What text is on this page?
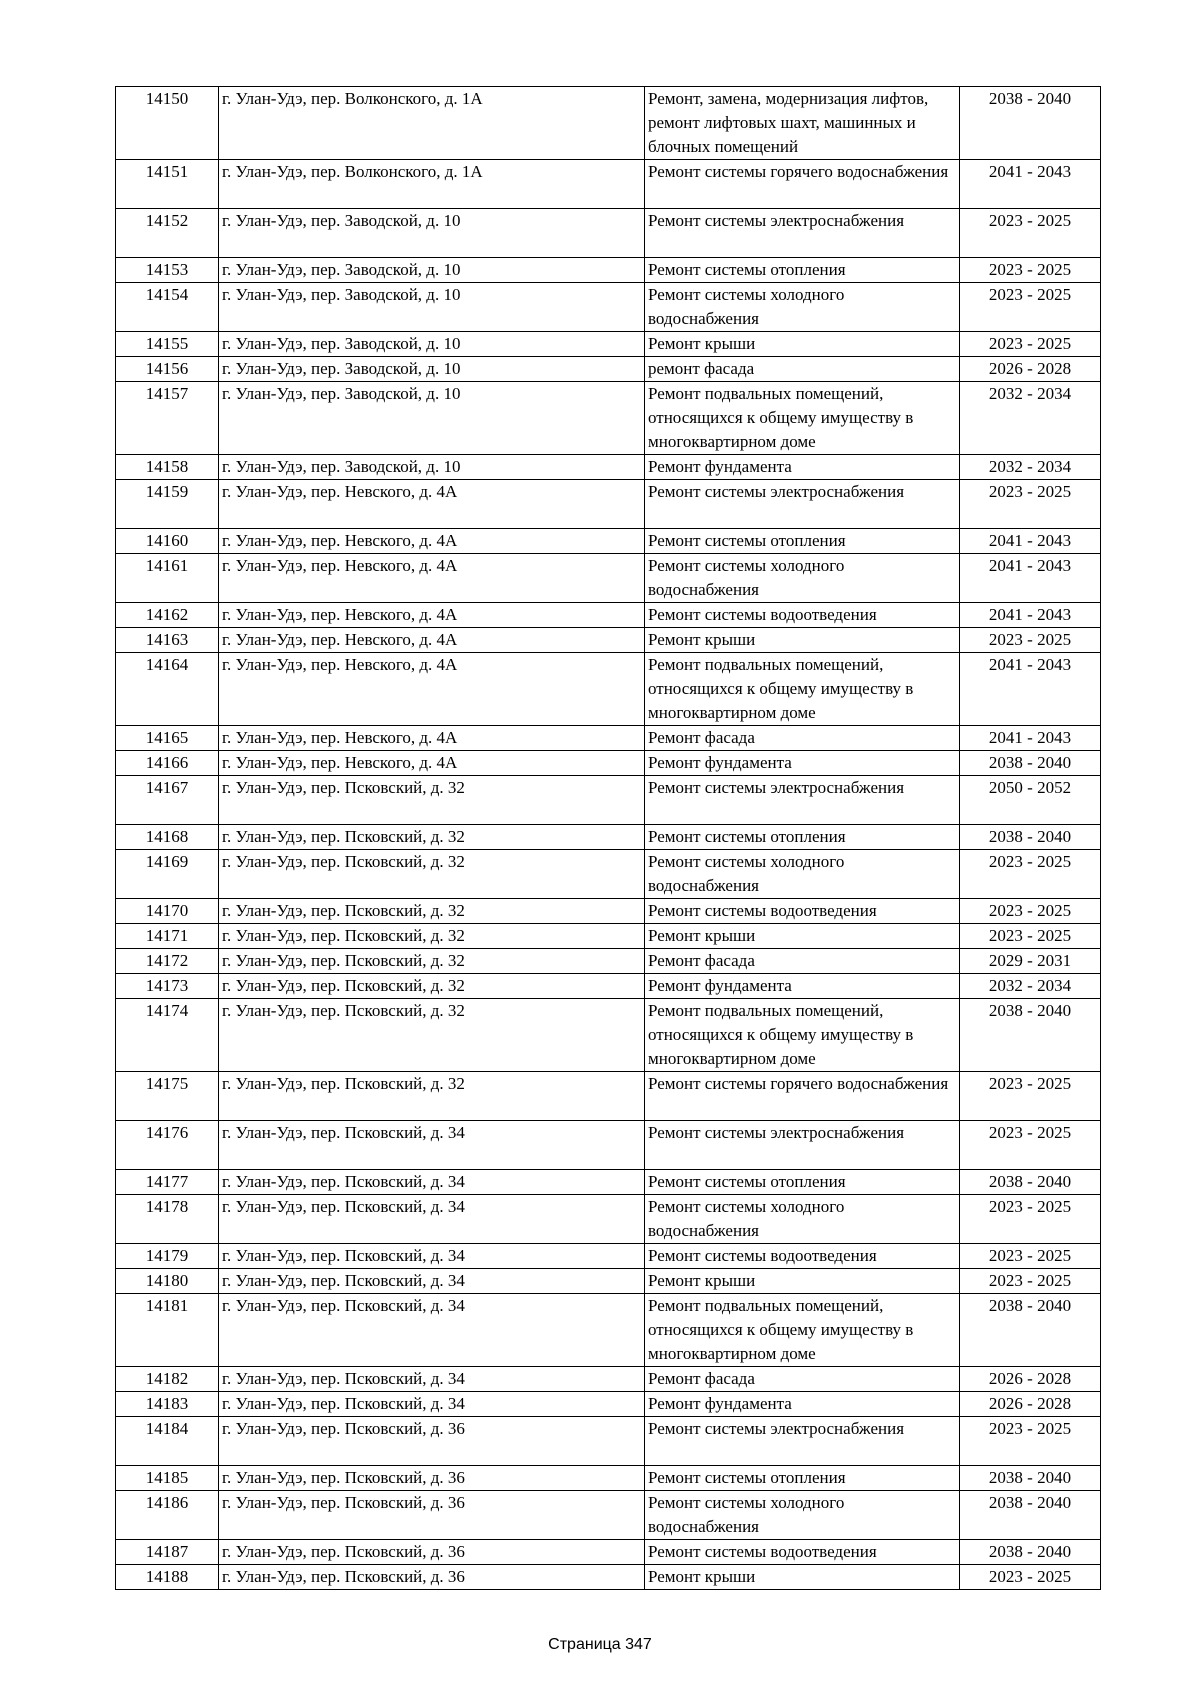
14150	г. Улан-Удэ, пер. Волконского, д. 1А	Ремонт, замена, модернизация лифтов, ремонт лифтовых шахт, машинных и блочных помещений	2038 - 2040
14151	г. Улан-Удэ, пер. Волконского, д. 1А	Ремонт системы горячего водоснабжения	2041 - 2043
14152	г. Улан-Удэ, пер. Заводской, д. 10	Ремонт системы электроснабжения	2023 - 2025
14153	г. Улан-Удэ, пер. Заводской, д. 10	Ремонт системы отопления	2023 - 2025
14154	г. Улан-Удэ, пер. Заводской, д. 10	Ремонт системы холодного водоснабжения	2023 - 2025
14155	г. Улан-Удэ, пер. Заводской, д. 10	Ремонт крыши	2023 - 2025
14156	г. Улан-Удэ, пер. Заводской, д. 10	ремонт фасада	2026 - 2028
14157	г. Улан-Удэ, пер. Заводской, д. 10	Ремонт подвальных помещений, относящихся к общему имуществу в многоквартирном доме	2032 - 2034
14158	г. Улан-Удэ, пер. Заводской, д. 10	Ремонт фундамента	2032 - 2034
14159	г. Улан-Удэ, пер. Невского, д. 4А	Ремонт системы электроснабжения	2023 - 2025
14160	г. Улан-Удэ, пер. Невского, д. 4А	Ремонт системы отопления	2041 - 2043
14161	г. Улан-Удэ, пер. Невского, д. 4А	Ремонт системы холодного водоснабжения	2041 - 2043
14162	г. Улан-Удэ, пер. Невского, д. 4А	Ремонт системы водоотведения	2041 - 2043
14163	г. Улан-Удэ, пер. Невского, д. 4А	Ремонт крыши	2023 - 2025
14164	г. Улан-Удэ, пер. Невского, д. 4А	Ремонт подвальных помещений, относящихся к общему имуществу в многоквартирном доме	2041 - 2043
14165	г. Улан-Удэ, пер. Невского, д. 4А	Ремонт фасада	2041 - 2043
14166	г. Улан-Удэ, пер. Невского, д. 4А	Ремонт фундамента	2038 - 2040
14167	г. Улан-Удэ, пер. Псковский, д. 32	Ремонт системы электроснабжения	2050 - 2052
14168	г. Улан-Удэ, пер. Псковский, д. 32	Ремонт системы отопления	2038 - 2040
14169	г. Улан-Удэ, пер. Псковский, д. 32	Ремонт системы холодного водоснабжения	2023 - 2025
14170	г. Улан-Удэ, пер. Псковский, д. 32	Ремонт системы водоотведения	2023 - 2025
14171	г. Улан-Удэ, пер. Псковский, д. 32	Ремонт крыши	2023 - 2025
14172	г. Улан-Удэ, пер. Псковский, д. 32	Ремонт фасада	2029 - 2031
14173	г. Улан-Удэ, пер. Псковский, д. 32	Ремонт фундамента	2032 - 2034
14174	г. Улан-Удэ, пер. Псковский, д. 32	Ремонт подвальных помещений, относящихся к общему имуществу в многоквартирном доме	2038 - 2040
14175	г. Улан-Удэ, пер. Псковский, д. 32	Ремонт системы горячего водоснабжения	2023 - 2025
14176	г. Улан-Удэ, пер. Псковский, д. 34	Ремонт системы электроснабжения	2023 - 2025
14177	г. Улан-Удэ, пер. Псковский, д. 34	Ремонт системы отопления	2038 - 2040
14178	г. Улан-Удэ, пер. Псковский, д. 34	Ремонт системы холодного водоснабжения	2023 - 2025
14179	г. Улан-Удэ, пер. Псковский, д. 34	Ремонт системы водоотведения	2023 - 2025
14180	г. Улан-Удэ, пер. Псковский, д. 34	Ремонт крыши	2023 - 2025
14181	г. Улан-Удэ, пер. Псковский, д. 34	Ремонт подвальных помещений, относящихся к общему имуществу в многоквартирном доме	2038 - 2040
14182	г. Улан-Удэ, пер. Псковский, д. 34	Ремонт фасада	2026 - 2028
14183	г. Улан-Удэ, пер. Псковский, д. 34	Ремонт фундамента	2026 - 2028
14184	г. Улан-Удэ, пер. Псковский, д. 36	Ремонт системы электроснабжения	2023 - 2025
14185	г. Улан-Удэ, пер. Псковский, д. 36	Ремонт системы отопления	2038 - 2040
14186	г. Улан-Удэ, пер. Псковский, д. 36	Ремонт системы холодного водоснабжения	2038 - 2040
14187	г. Улан-Удэ, пер. Псковский, д. 36	Ремонт системы водоотведения	2038 - 2040
14188	г. Улан-Удэ, пер. Псковский, д. 36	Ремонт крыши	2023 - 2025
Страница 347
